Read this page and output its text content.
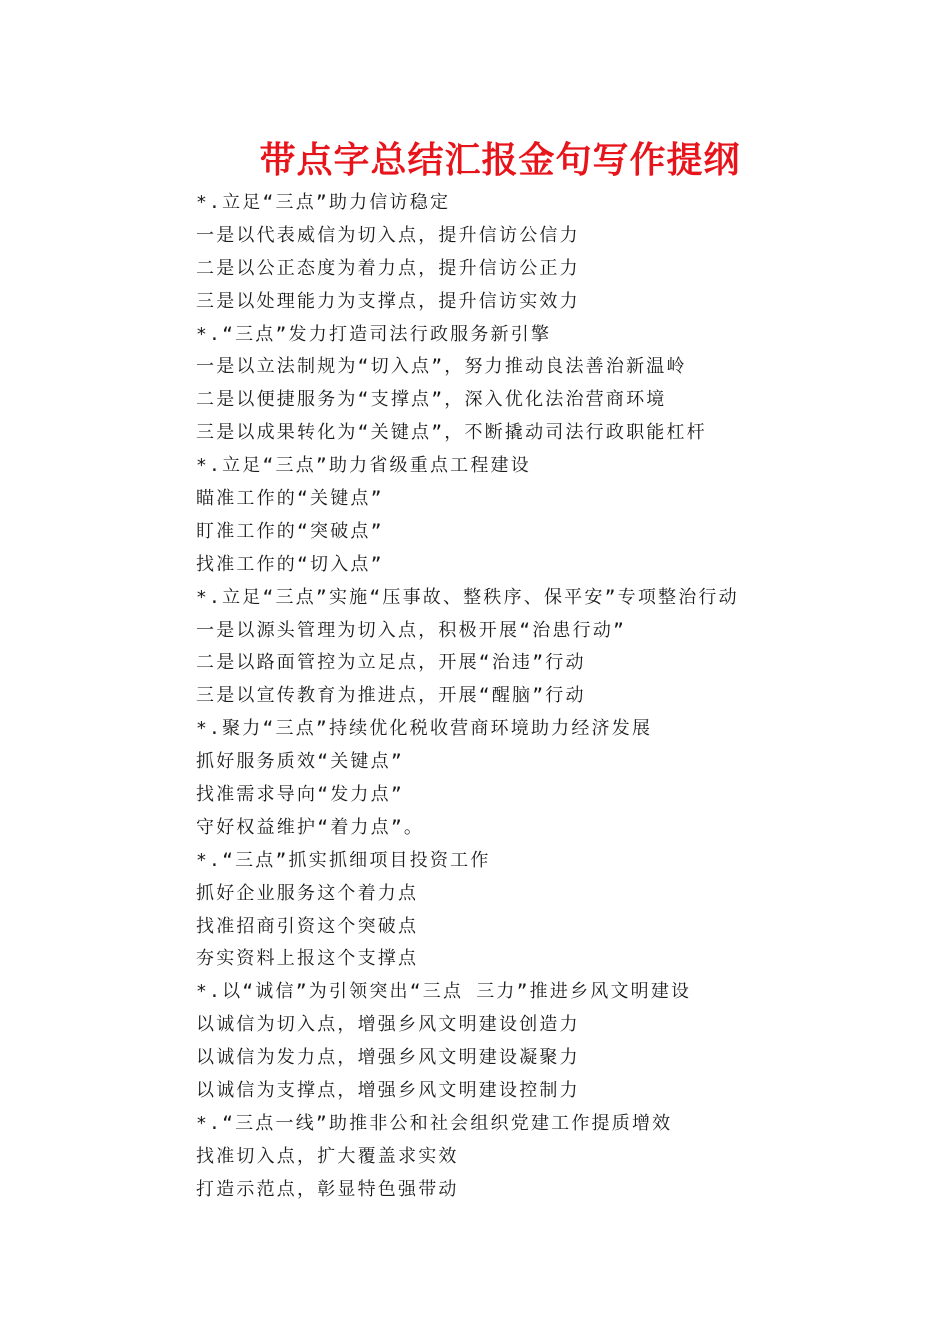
带点字总结汇报金句写作提纲
*.立足“三点”助力信访稳定
一是以代表威信为切入点，提升信访公信力
二是以公正态度为着力点，提升信访公正力
三是以处理能力为支撑点，提升信访实效力
*.“三点”发力打造司法行政服务新引擎
一是以立法制规为“切入点”，努力推动良法善治新温岭
二是以便捷服务为“支撑点”，深入优化法治营商环境
三是以成果转化为“关键点”，不断撬动司法行政职能杠杆
*.立足“三点”助力省级重点工程建设
瞄准工作的“关键点”
盯准工作的“突破点”
找准工作的“切入点”
*.立足“三点”实施“压事故、整秩序、保平安”专项整治行动
一是以源头管理为切入点，积极开展“治患行动”
二是以路面管控为立足点，开展“治违”行动
三是以宣传教育为推进点，开展“醒脑”行动
*.聚力“三点”持续优化税收营商环境助力经济发展
抓好服务质效“关键点”
找准需求导向“发力点”
守好权益维护“着力点”。
*.“三点”抓实抓细项目投资工作
抓好企业服务这个着力点
找准招商引资这个突破点
夯实资料上报这个支撑点
*.以“诚信”为引领突出“三点 三力”推进乡风文明建设
以诚信为切入点，增强乡风文明建设创造力
以诚信为发力点，增强乡风文明建设凝聚力
以诚信为支撑点，增强乡风文明建设控制力
*.“三点一线”助推非公和社会组织党建工作提质增效
找准切入点，扩大覆盖求实效
打造示范点，彰显特色强带动
